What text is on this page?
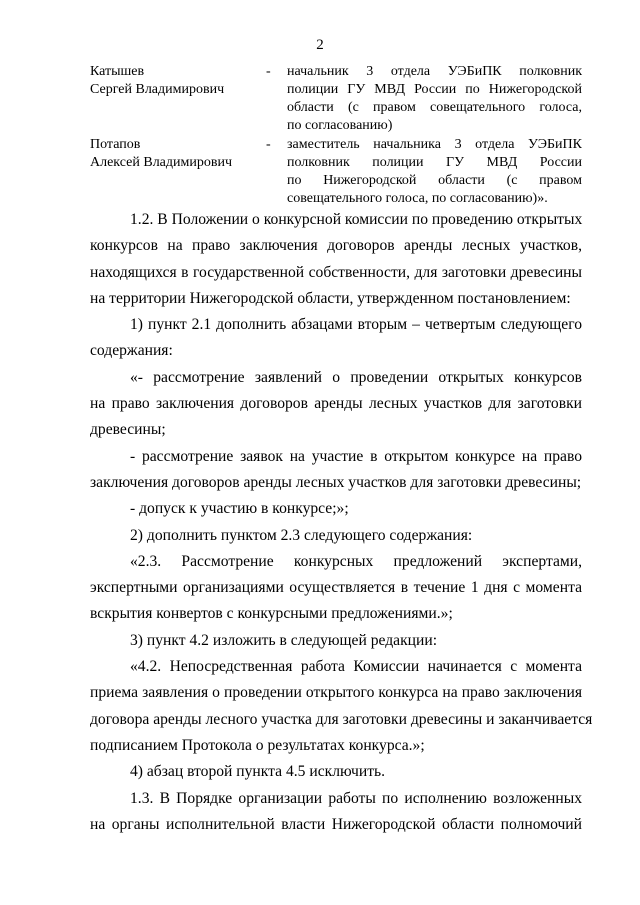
2
Катышев
Сергей Владимирович
- начальник 3 отдела УЭБиПК полковник
полиции ГУ МВД России по Нижегородской
области (с правом совещательного голоса,
по согласованию)
Потапов
Алексей Владимирович
- заместитель начальника 3 отдела УЭБиПК
полковник полиции ГУ МВД России
по Нижегородской области (с правом
совещательного голоса, по согласованию)».
1.2. В Положении о конкурсной комиссии по проведению открытых
конкурсов на право заключения договоров аренды лесных участков,
находящихся в государственной собственности, для заготовки древесины
на территории Нижегородской области, утвержденном постановлением:
1) пункт 2.1 дополнить абзацами вторым – четвертым следующего
содержания:
«- рассмотрение заявлений о проведении открытых конкурсов
на право заключения договоров аренды лесных участков для заготовки
древесины;
- рассмотрение заявок на участие в открытом конкурсе на право
заключения договоров аренды лесных участков для заготовки древесины;
- допуск к участию в конкурсе;»;
2) дополнить пунктом 2.3 следующего содержания:
«2.3. Рассмотрение конкурсных предложений экспертами,
экспертными организациями осуществляется в течение 1 дня с момента
вскрытия конвертов с конкурсными предложениями.»;
3) пункт 4.2 изложить в следующей редакции:
«4.2. Непосредственная работа Комиссии начинается с момента
приема заявления о проведении открытого конкурса на право заключения
договора аренды лесного участка для заготовки древесины и заканчивается
подписанием Протокола о результатах конкурса.»;
4) абзац второй пункта 4.5 исключить.
1.3. В Порядке организации работы по исполнению возложенных
на органы исполнительной власти Нижегородской области полномочий
